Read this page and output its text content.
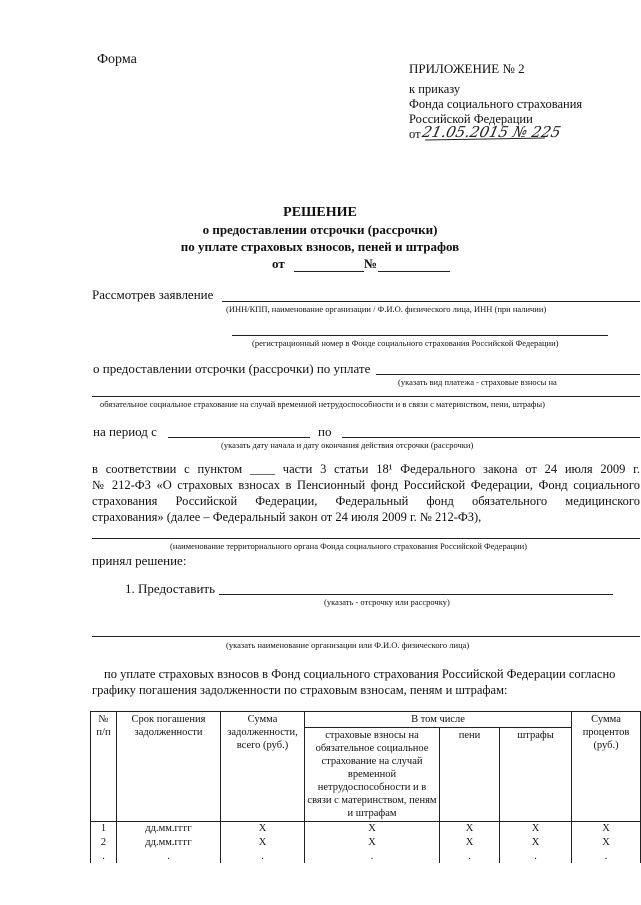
Форма
ПРИЛОЖЕНИЕ № 2
к приказу
Фонда социального страхования
Российской Федерации
от 21.05.2015 № 225
РЕШЕНИЕ
о предоставлении отсрочки (рассрочки)
по уплате страховых взносов, пеней и штрафов
от	№
Рассмотрев заявление
(ИНН/КПП, наименование организации / Ф.И.О. физического лица, ИНН (при наличии)
(регистрационный номер в Фонде социального страхования Российской Федерации)
о предоставлении отсрочки (рассрочки) по уплате
(указать вид платежа - страховые взносы на
обязательное социальное страхование на случай временной нетрудоспособности и в связи с материнством, пени, штрафы)
на период с	по
(указать дату начала и дату окончания действия отсрочки (рассрочки)
в соответствии с пунктом ____ части 3 статьи 18¹ Федерального закона от 24 июля 2009 г.
№ 212-ФЗ «О страховых взносах в Пенсионный фонд Российской Федерации, Фонд социального
страхования Российской Федерации, Федеральный фонд обязательного медицинского
страхования» (далее – Федеральный закон от 24 июля 2009 г. № 212-ФЗ),
(наименование территориального органа Фонда социального страхования Российской Федерации)
принял решение:
1. Предоставить
(указать - отсрочку или рассрочку)
(указать наименование организации или Ф.И.О. физического лица)
по уплате страховых взносов в Фонд социального страхования Российской Федерации согласно
графику погашения задолженности по страховым взносам, пеням и штрафам:
№ п/п	Срок погашения задолженности	Сумма задолженности, всего (руб.)	В том числе			Сумма процентов (руб.)
			страховые взносы на обязательное социальное страхование на случай временной нетрудоспособности и в связи с материнством, пеням и штрафам	пени	штрафы	
1	дд.мм.гггг	X	X	X	X	X
2	дд.мм.гггг	X	X	X	X	X
.	.	.	.	.	.	.
